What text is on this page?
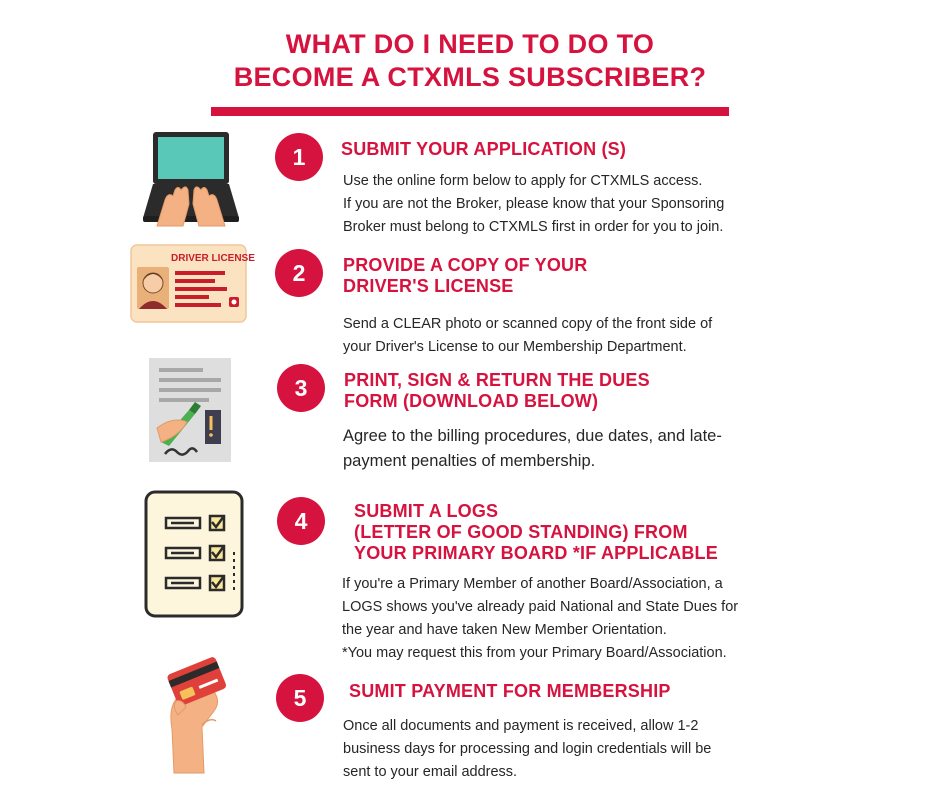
WHAT DO I NEED TO DO TO
BECOME A CTXMLS SUBSCRIBER?
1	SUBMIT YOUR APPLICATION (S)
Use the online form below to apply for CTXMLS access.
If you are not the Broker, please know that your Sponsoring
Broker must belong to CTXMLS first in order for you to join.
DRIVER LICENSE
2	PROVIDE A COPY OF YOUR
DRIVER'S LICENSE
Send a CLEAR photo or scanned copy of the front side of
your Driver's License to our Membership Department.
3	PRINT, SIGN & RETURN THE DUES
FORM (DOWNLOAD BELOW)
Agree to the billing procedures, due dates, and late-
payment penalties of membership.
4	SUBMIT A LOGS
(LETTER OF GOOD STANDING) FROM
YOUR PRIMARY BOARD *IF APPLICABLE
If you're a Primary Member of another Board/Association, a
LOGS shows you've already paid National and State Dues for
the year and have taken New Member Orientation.
*You may request this from your Primary Board/Association.
5	SUMIT PAYMENT FOR MEMBERSHIP
Once all documents and payment is received, allow 1-2
business days for processing and login credentials will be
sent to your email address.
